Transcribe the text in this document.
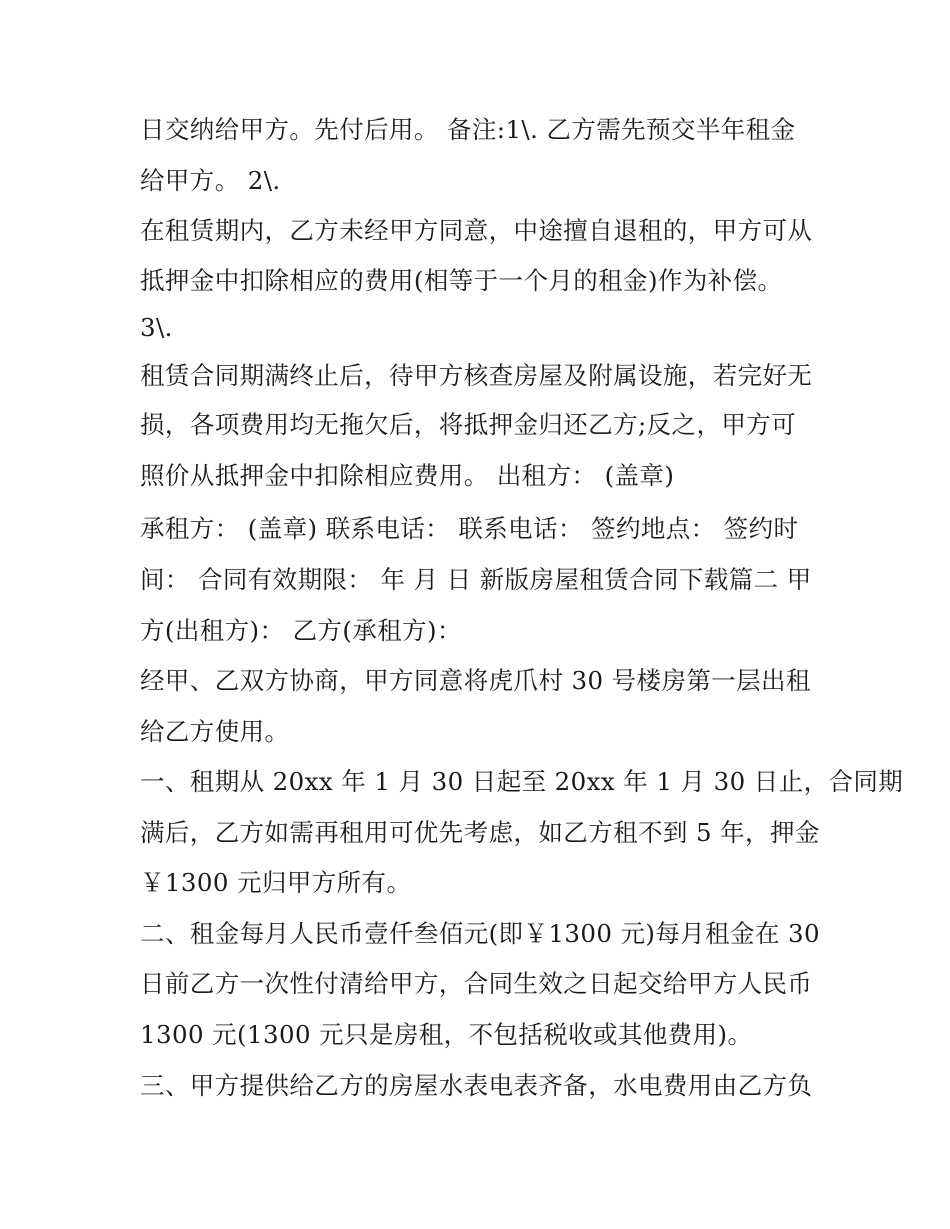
日交纳给甲方。先付后用。 备注:1\. 乙方需先预交半年租金
给甲方。 2\.
在租赁期内，乙方未经甲方同意，中途擅自退租的，甲方可从
抵押金中扣除相应的费用(相等于一个月的租金)作为补偿。
3\.
租赁合同期满终止后，待甲方核查房屋及附属设施，若完好无
损，各项费用均无拖欠后，将抵押金归还乙方;反之，甲方可
照价从抵押金中扣除相应费用。 出租方： (盖章)
承租方： (盖章) 联系电话： 联系电话： 签约地点： 签约时
间： 合同有效期限： 年 月 日 新版房屋租赁合同下载篇二 甲
方(出租方)： 乙方(承租方)：
经甲、乙双方协商，甲方同意将虎爪村 30 号楼房第一层出租
给乙方使用。
一、租期从 20xx 年 1 月 30 日起至 20xx 年 1 月 30 日止，合同期
满后，乙方如需再租用可优先考虑，如乙方租不到 5 年，押金
￥1300 元归甲方所有。
二、租金每月人民币壹仟叁佰元(即￥1300 元)每月租金在 30
日前乙方一次性付清给甲方，合同生效之日起交给甲方人民币
1300 元(1300 元只是房租，不包括税收或其他费用)。
三、甲方提供给乙方的房屋水表电表齐备，水电费用由乙方负
